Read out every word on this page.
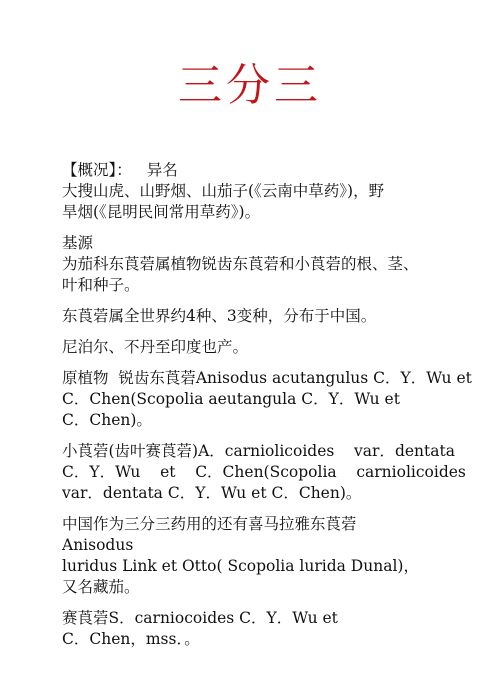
三分三
【概况】： 异名
大搜山虎、山野烟、山茄子(《云南中草药》)，野
旱烟(《昆明民间常用草药》)。
基源
为茄科东莨菪属植物锐齿东莨菪和小莨菪的根、茎、
叶和种子。
东莨菪属全世界约4种、3变种，分布于中国。
尼泊尔、不丹至印度也产。
原植物  锐齿东莨菪Anisodus acutangulus C．Y．Wu et
C．Chen(Scopolia aeutangula C．Y．Wu et C．Chen)。
小莨菪(齿叶赛莨菪)A．carniolicoides    var．dentata
C．Y．Wu    et    C．Chen(Scopolia    carniolicoides
var．dentata C．Y．Wu et C．Chen)。
中国作为三分三药用的还有喜马拉雅东莨菪Anisodus
luridus Link et Otto( Scopolia lurida Dunal)，又名藏茄。
赛莨菪S．carniocoides C．Y．Wu et
C．Chen，mss．。
